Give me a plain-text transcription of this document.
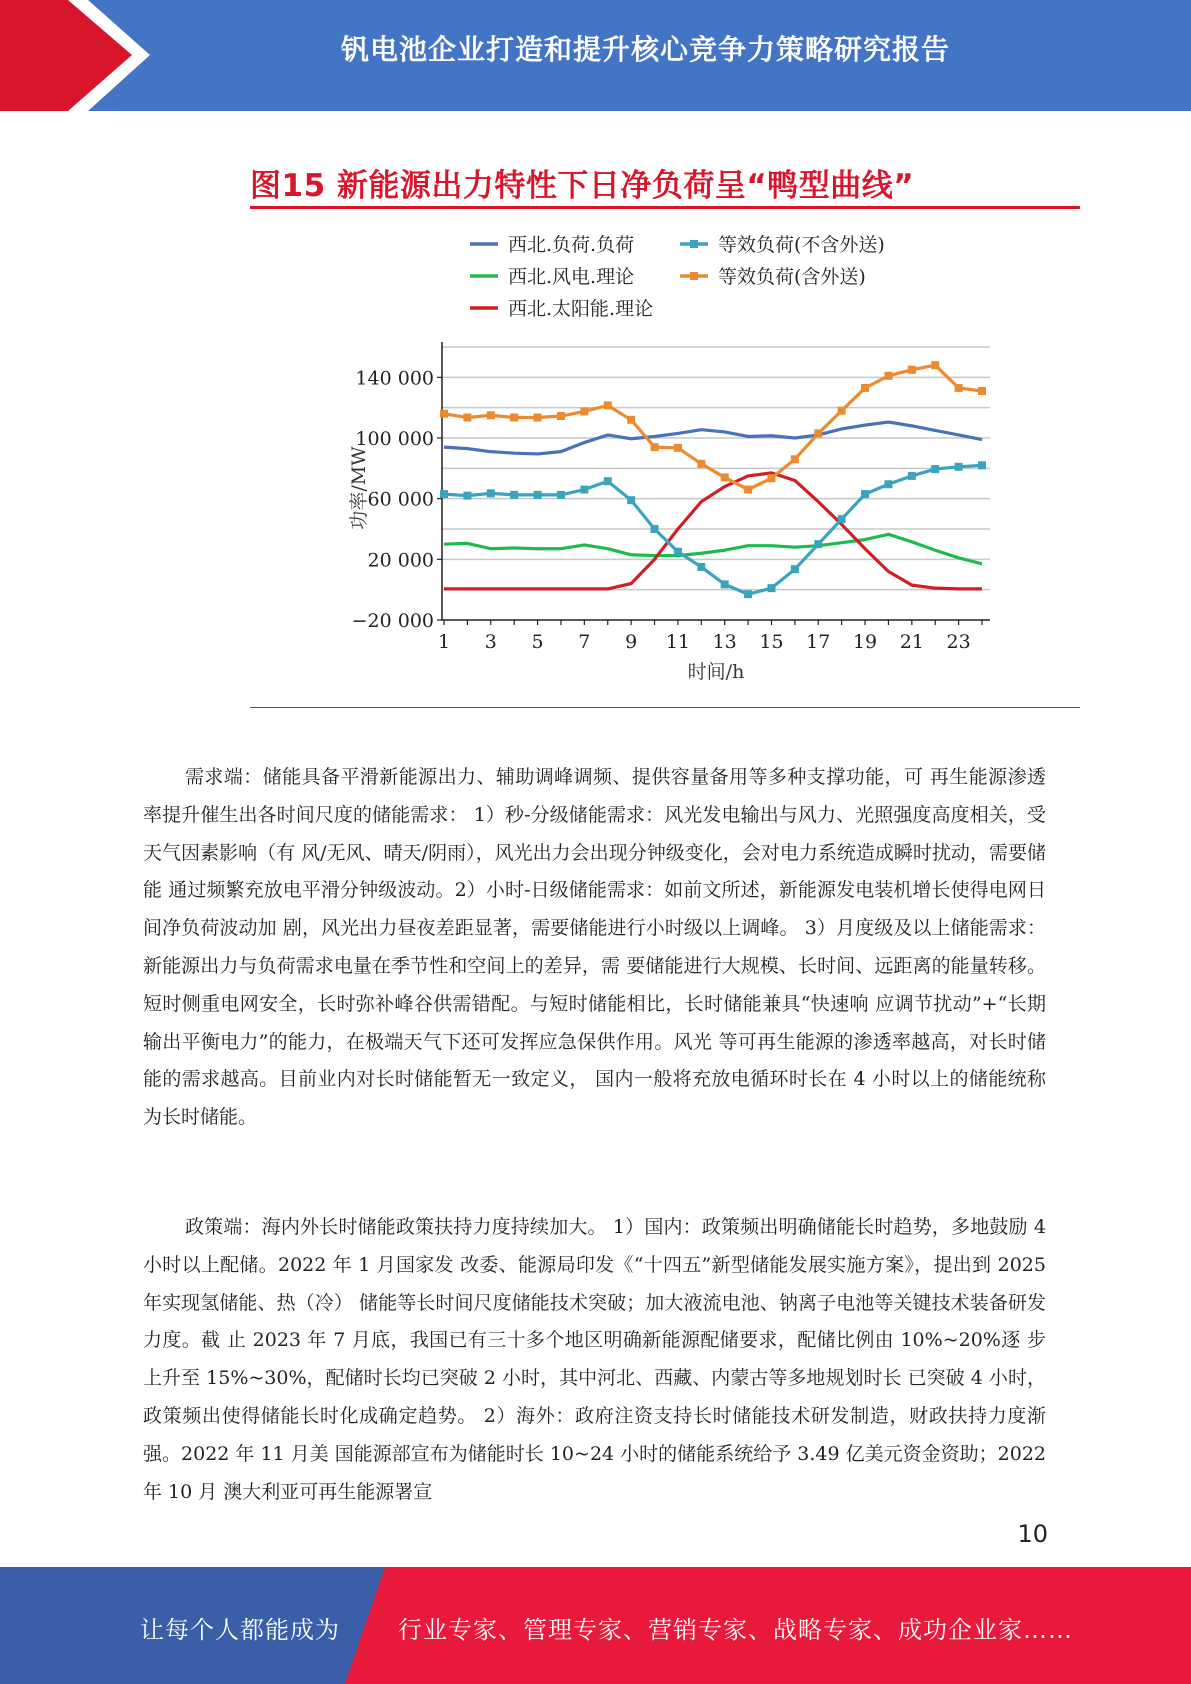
钒电池企业打造和提升核心竞争力策略研究报告
图15 新能源出力特性下日净负荷呈“鸭型曲线”
西北.负荷.负荷
西北.风电.理论
西北.太阳能.理论
等效负荷(不含外送)
等效负荷(含外送)
140 000
100 000
60 000
20 000
−20 000
1 3 5 7 9 11 13 15 17 19 21 23
功率/MW
时间/h

需求端：储能具备平滑新能源出力、辅助调峰调频、提供容量备用等多种支撑功能，可 再生能源渗透率提升催生出各时间尺度的储能需求： 1）秒-分级储能需求：风光发电输出与风力、光照强度高度相关，受天气因素影响（有 风/无风、晴天/阴雨），风光出力会出现分钟级变化，会对电力系统造成瞬时扰动，需要储能 通过频繁充放电平滑分钟级波动。2）小时-日级储能需求：如前文所述，新能源发电装机增长使得电网日间净负荷波动加 剧，风光出力昼夜差距显著，需要储能进行小时级以上调峰。 3）月度级及以上储能需求：新能源出力与负荷需求电量在季节性和空间上的差异，需 要储能进行大规模、长时间、远距离的能量转移。 短时侧重电网安全，长时弥补峰谷供需错配。与短时储能相比，长时储能兼具“快速响 应调节扰动”+“长期输出平衡电力”的能力，在极端天气下还可发挥应急保供作用。风光 等可再生能源的渗透率越高，对长时储能的需求越高。目前业内对长时储能暂无一致定义， 国内一般将充放电循环时长在 4 小时以上的储能统称为长时储能。

政策端：海内外长时储能政策扶持力度持续加大。 1）国内：政策频出明确储能长时趋势，多地鼓励 4 小时以上配储。2022 年 1 月国家发 改委、能源局印发《“十四五”新型储能发展实施方案》，提出到 2025 年实现氢储能、热（冷） 储能等长时间尺度储能技术突破；加大液流电池、钠离子电池等关键技术装备研发力度。截 止 2023 年 7 月底，我国已有三十多个地区明确新能源配储要求，配储比例由 10%~20%逐 步上升至 15%~30%，配储时长均已突破 2 小时，其中河北、西藏、内蒙古等多地规划时长 已突破 4 小时，政策频出使得储能长时化成确定趋势。 2）海外：政府注资支持长时储能技术研发制造，财政扶持力度渐强。2022 年 11 月美 国能源部宣布为储能时长 10~24 小时的储能系统给予 3.49 亿美元资金资助；2022 年 10 月 澳大利亚可再生能源署宣

10
让每个人都能成为 行业专家、管理专家、营销专家、战略专家、成功企业家……
